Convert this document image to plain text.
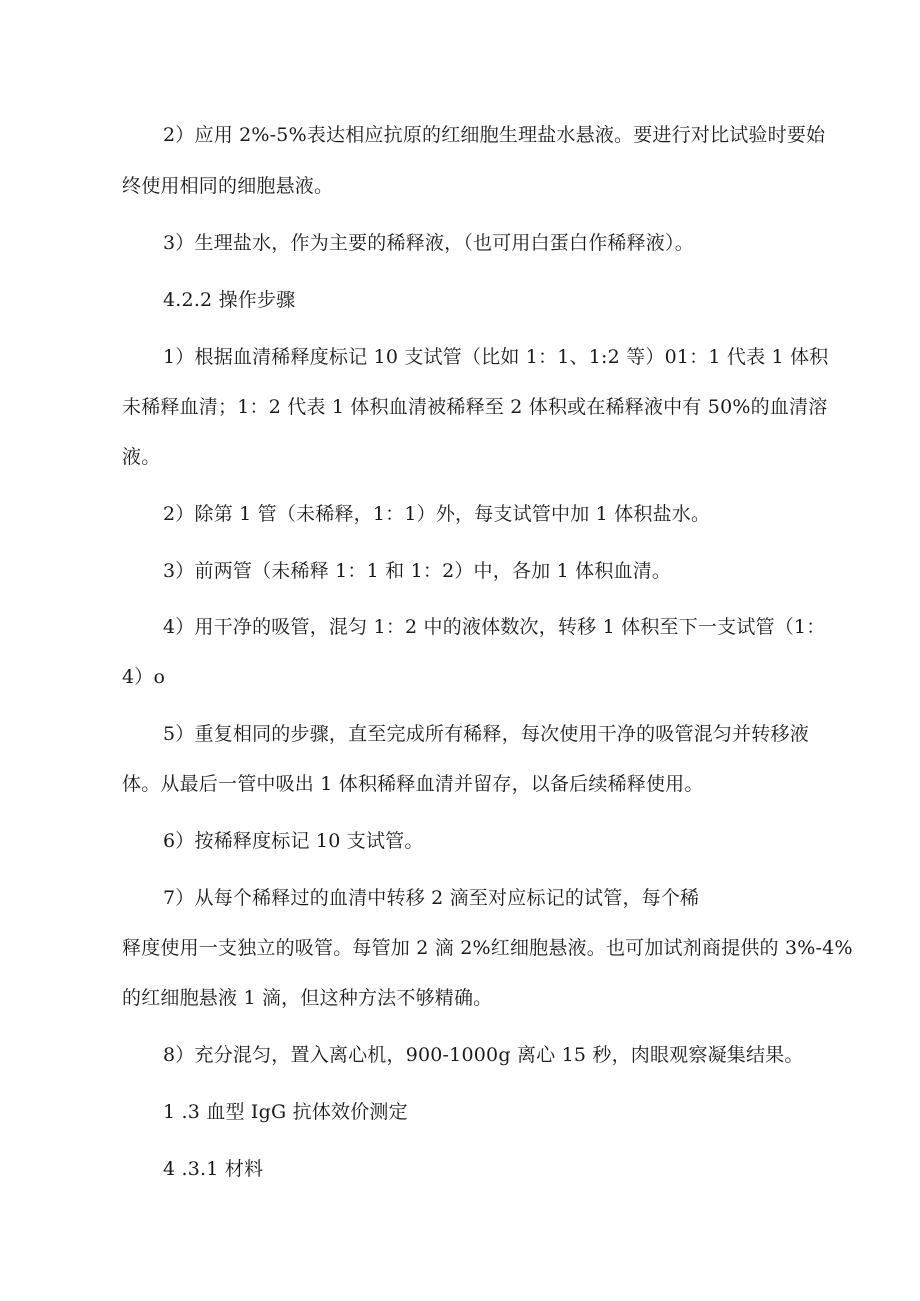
2）应用 2%-5%表达相应抗原的红细胞生理盐水悬液。要进行对比试验时要始
终使用相同的细胞悬液。
3）生理盐水，作为主要的稀释液，（也可用白蛋白作稀释液）。
4.2.2 操作步骤
1）根据血清稀释度标记 10 支试管（比如 1：1、1:2 等）01：1 代表 1 体积
未稀释血清；1：2 代表 1 体积血清被稀释至 2 体积或在稀释液中有 50%的血清溶
液。
2）除第 1 管（未稀释，1：1）外，每支试管中加 1 体积盐水。
3）前两管（未稀释 1：1 和 1：2）中，各加 1 体积血清。
4）用干净的吸管，混匀 1：2 中的液体数次，转移 1 体积至下一支试管（1：
4）o
5）重复相同的步骤，直至完成所有稀释，每次使用干净的吸管混匀并转移液
体。从最后一管中吸出 1 体积稀释血清并留存，以备后续稀释使用。
6）按稀释度标记 10 支试管。
7）从每个稀释过的血清中转移 2 滴至对应标记的试管，每个稀
释度使用一支独立的吸管。每管加 2 滴 2%红细胞悬液。也可加试剂商提供的 3%-4%
的红细胞悬液 1 滴，但这种方法不够精确。
8）充分混匀，置入离心机，900-1000g 离心 15 秒，肉眼观察凝集结果。
1 .3 血型 IgG 抗体效价测定
4 .3.1 材料
